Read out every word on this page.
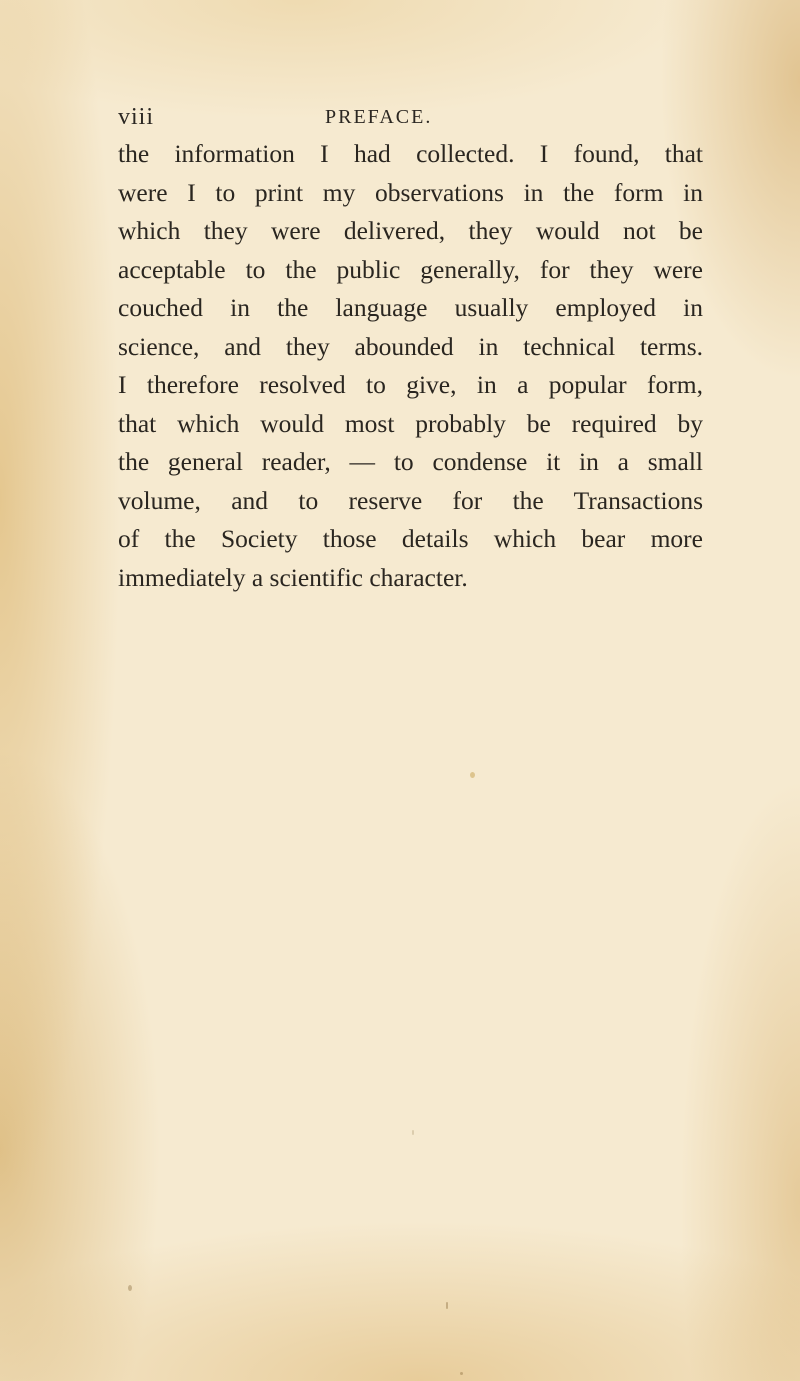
viii	PREFACE.

the information I had collected. I found, that
were I to print my observations in the form in
which they were delivered, they would not be
acceptable to the public generally, for they were
couched in the language usually employed in
science, and they abounded in technical terms.
I therefore resolved to give, in a popular form,
that which would most probably be required by
the general reader, — to condense it in a small
volume, and to reserve for the Transactions
of the Society those details which bear more
immediately a scientific character.
